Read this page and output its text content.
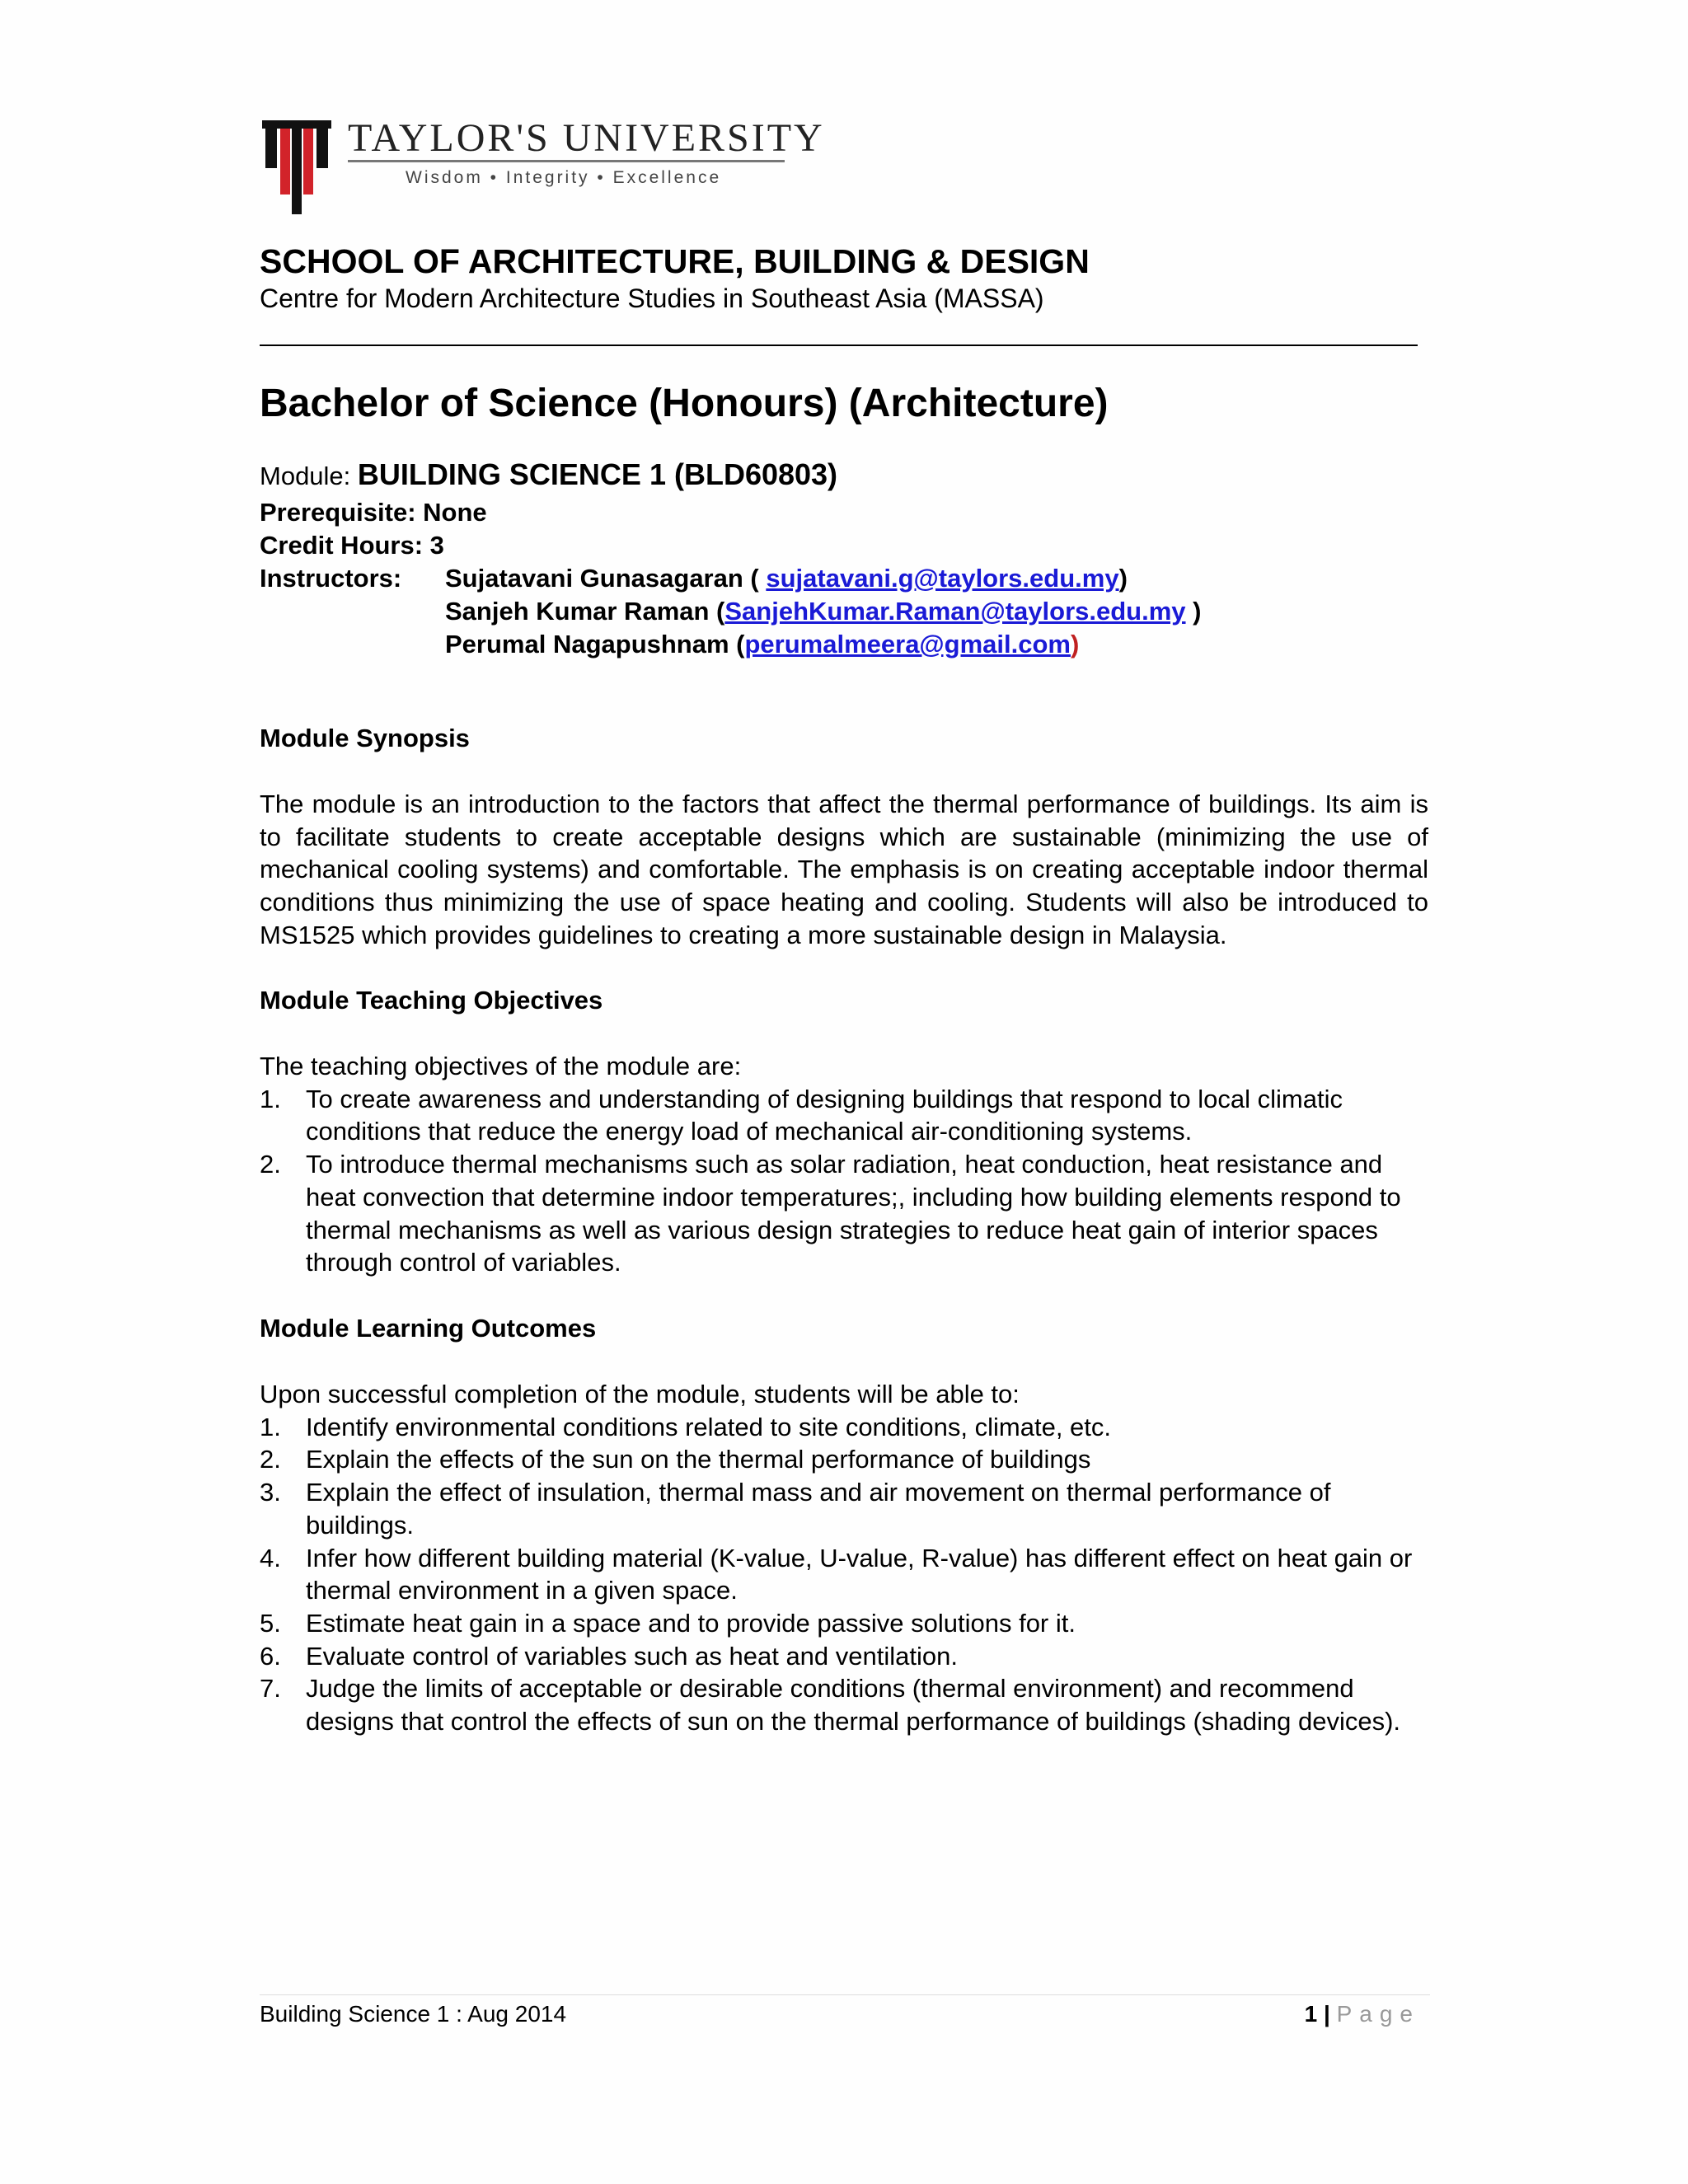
TAYLOR'S UNIVERSITY
Wisdom • Integrity • Excellence
SCHOOL OF ARCHITECTURE, BUILDING & DESIGN
Centre for Modern Architecture Studies in Southeast Asia (MASSA)
Bachelor of Science (Honours) (Architecture)
Module: BUILDING SCIENCE 1 (BLD60803)
Prerequisite: None
Credit Hours: 3
Instructors: Sujatavani Gunasagaran ( sujatavani.g@taylors.edu.my)
Sanjeh Kumar Raman (SanjehKumar.Raman@taylors.edu.my )
Perumal Nagapushnam (perumalmeera@gmail.com)
Module Synopsis
The module is an introduction to the factors that affect the thermal performance of buildings. Its aim is to facilitate students to create acceptable designs which are sustainable (minimizing the use of mechanical cooling systems) and comfortable. The emphasis is on creating acceptable indoor thermal conditions thus minimizing the use of space heating and cooling. Students will also be introduced to MS1525 which provides guidelines to creating a more sustainable design in Malaysia.
Module Teaching Objectives
The teaching objectives of the module are:
1. To create awareness and understanding of designing buildings that respond to local climatic conditions that reduce the energy load of mechanical air-conditioning systems.
2. To introduce thermal mechanisms such as solar radiation, heat conduction, heat resistance and heat convection that determine indoor temperatures;, including how building elements respond to thermal mechanisms as well as various design strategies to reduce heat gain of interior spaces through control of variables.
Module Learning Outcomes
Upon successful completion of the module, students will be able to:
1. Identify environmental conditions related to site conditions, climate, etc.
2. Explain the effects of the sun on the thermal performance of buildings
3. Explain the effect of insulation, thermal mass and air movement on thermal performance of buildings.
4. Infer how different building material (K-value, U-value, R-value) has different effect on heat gain or thermal environment in a given space.
5. Estimate heat gain in a space and to provide passive solutions for it.
6. Evaluate control of variables such as heat and ventilation.
7. Judge the limits of acceptable or desirable conditions (thermal environment) and recommend designs that control the effects of sun on the thermal performance of buildings (shading devices).
Building Science 1 : Aug 2014	1 | Page
